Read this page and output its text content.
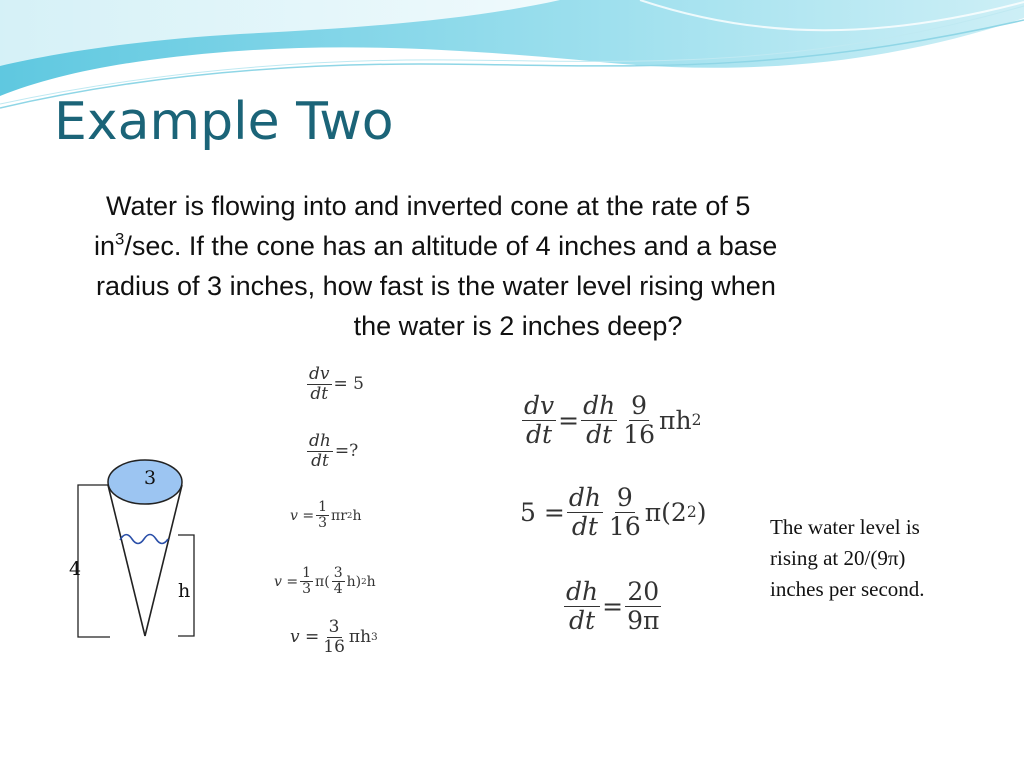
Example Two
Water is flowing into and inverted cone at the rate of 5
$in^3/\sec$. If the cone has an altitude of 4 inches and a base
radius of 3 inches, how fast is the water level rising when
the water is 2 inches deep?
3
4
h
$\frac{dv}{dt} = 5$
$\frac{dh}{dt}$ =?
$v = \frac{1}{3}$ πr 2 h
$v = \frac{1}{3} \pi( \frac{3}{4} h)$ 2 h
$v = \frac{3}{16}$ πh 3
$\frac{dv}{dt} = \frac{dh}{dt} \frac{9}{16}$ πh 2
$5 = \frac{dh}{dt} \frac{9}{16} \pi(2$ 2 )
$\frac{dh}{dt} = \frac{20}{9\pi}$
The water level is
rising at 20/(9π)
inches per second.
